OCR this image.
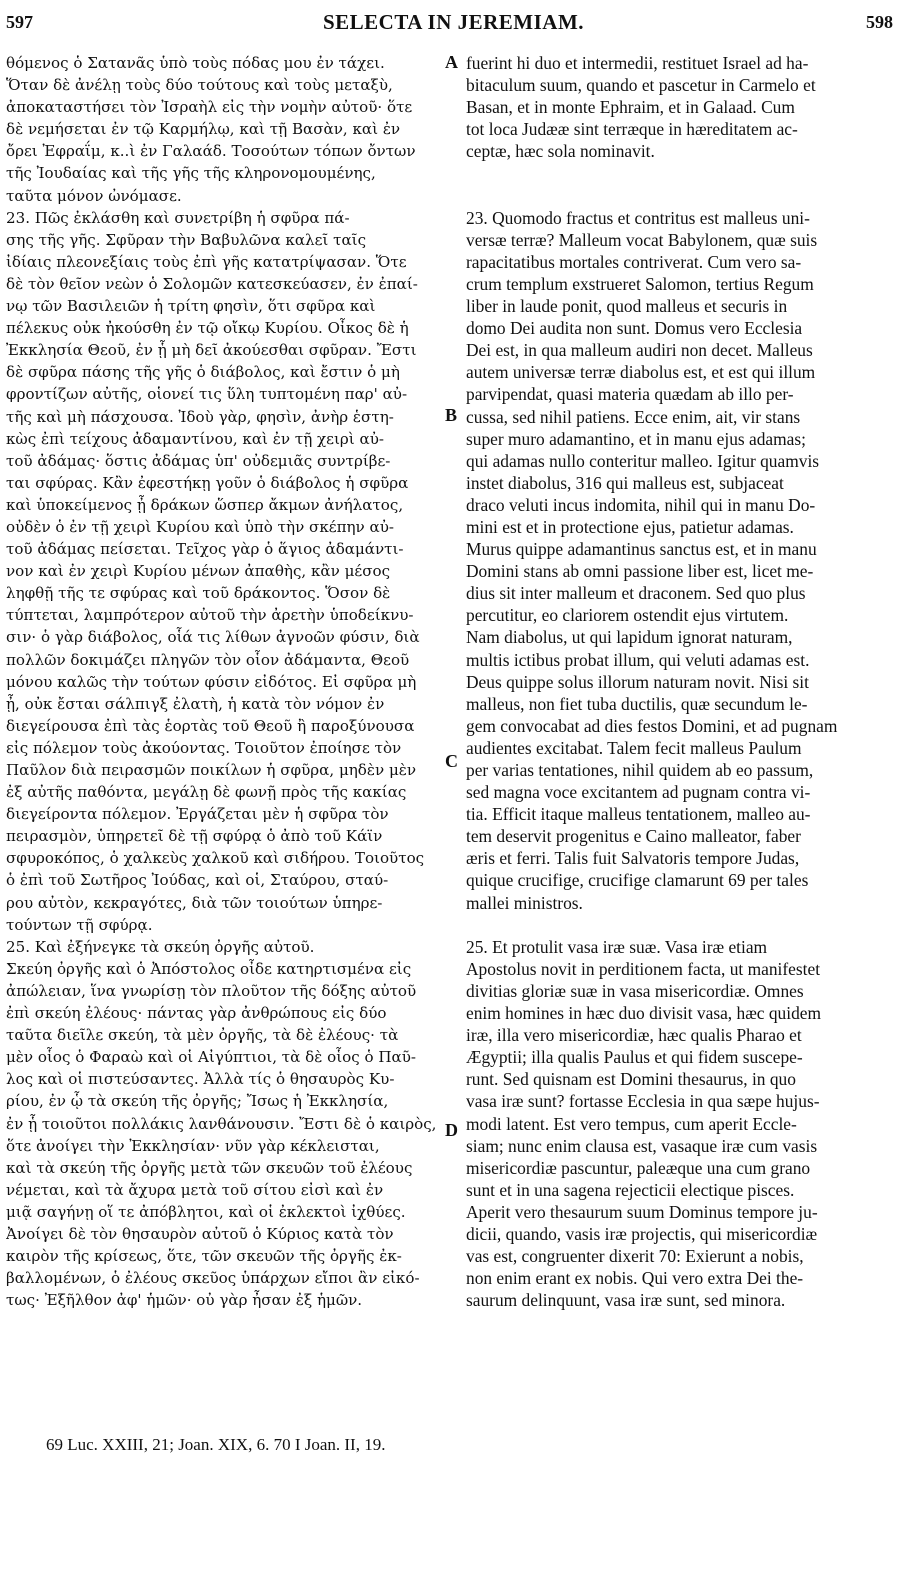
597	SELECTA IN JEREMIAM.	598
θόμενος ὁ Σατανᾶς ὑπὸ τοὺς πόδας μου ἐν τάχει.
Ὅταν δὲ ἀνέλῃ τοὺς δύο τούτους καὶ τοὺς μεταξὺ,
ἀποκαταστήσει τὸν Ἰσραὴλ εἰς τὴν νομὴν αὐτοῦ· ὅτε
δὲ νεμήσεται ἐν τῷ Καρμήλῳ, καὶ τῇ Βασὰν, καὶ ἐν
ὄρει Ἐφραΐμ, κ..ὶ ἐν Γαλαάδ. Τοσούτων τόπων ὄντων
τῆς Ἰουδαίας καὶ τῆς γῆς τῆς κληρονομουμένης,
ταῦτα μόνον ὠνόμασε.
23. Πῶς ἐκλάσθη καὶ συνετρίβη ἡ σφῦρα πά-
σης τῆς γῆς. Σφῦραν τὴν Βαβυλῶνα καλεῖ ταῖς
ἰδίαις πλεονεξίαις τοὺς ἐπὶ γῆς κατατρίψασαν. Ὅτε
δὲ τὸν θεῖον νεὼν ὁ Σολομῶν κατεσκεύασεν, ἐν ἐπαί-
νῳ τῶν Βασιλειῶν ἡ τρίτη φησὶν, ὅτι σφῦρα καὶ
πέλεκυς οὐκ ἠκούσθη ἐν τῷ οἴκῳ Κυρίου. Οἶκος δὲ ἡ
Ἐκκλησία Θεοῦ, ἐν ᾗ μὴ δεῖ ἀκούεσθαι σφῦραν. Ἔστι
δὲ σφῦρα πάσης τῆς γῆς ὁ διάβολος, καὶ ἔστιν ὁ μὴ
φροντίζων αὐτῆς, οἱονεί τις ὕλη τυπτομένη παρ' αὐ-
τῆς καὶ μὴ πάσχουσα. Ἰδοὺ γὰρ, φησὶν, ἀνὴρ ἑστη-
κὼς ἐπὶ τείχους ἀδαμαντίνου, καὶ ἐν τῇ χειρὶ αὐ-
τοῦ ἀδάμας· ὅστις ἀδάμας ὑπ' οὐδεμιᾶς συντρίβε-
ται σφύρας. Κἂν ἐφεστήκῃ γοῦν ὁ διάβολος ἡ σφῦρα
καὶ ὑποκείμενος ᾖ δράκων ὥσπερ ἄκμων ἀνήλατος,
οὐδὲν ὁ ἐν τῇ χειρὶ Κυρίου καὶ ὑπὸ τὴν σκέπην αὐ-
τοῦ ἀδάμας πείσεται. Τεῖχος γὰρ ὁ ἅγιος ἀδαμάντι-
νον καὶ ἐν χειρὶ Κυρίου μένων ἀπαθὴς, κἂν μέσος
ληφθῇ τῆς τε σφύρας καὶ τοῦ δράκοντος. Ὅσον δὲ
τύπτεται, λαμπρότερον αὐτοῦ τὴν ἀρετὴν ὑποδείκνυ-
σιν· ὁ γὰρ διάβολος, οἷά τις λίθων ἀγνοῶν φύσιν, διὰ
πολλῶν δοκιμάζει πληγῶν τὸν οἷον ἀδάμαντα, Θεοῦ
μόνου καλῶς τὴν τούτων φύσιν εἰδότος. Εἰ σφῦρα μὴ
ᾖ, οὐκ ἔσται σάλπιγξ ἐλατὴ, ἡ κατὰ τὸν νόμον ἐν
διεγείρουσα ἐπὶ τὰς ἑορτὰς τοῦ Θεοῦ ἢ παροξύνουσα
εἰς πόλεμον τοὺς ἀκούοντας. Τοιοῦτον ἐποίησε τὸν
Παῦλον διὰ πειρασμῶν ποικίλων ἡ σφῦρα, μηδὲν μὲν
ἐξ αὐτῆς παθόντα, μεγάλῃ δὲ φωνῇ πρὸς τῆς κακίας
διεγείροντα πόλεμον. Ἐργάζεται μὲν ἡ σφῦρα τὸν
πειρασμὸν, ὑπηρετεῖ δὲ τῇ σφύρᾳ ὁ ἀπὸ τοῦ Κάϊν
σφυροκόπος, ὁ χαλκεὺς χαλκοῦ καὶ σιδήρου. Τοιοῦτος
ὁ ἐπὶ τοῦ Σωτῆρος Ἰούδας, καὶ οἱ, Σταύρου, σταύ-
ρου αὐτὸν, κεκραγότες, διὰ τῶν τοιούτων ὑπηρε-
τούντων τῇ σφύρᾳ.
25. Καὶ ἐξήνεγκε τὰ σκεύη ὀργῆς αὐτοῦ.
Σκεύη ὀργῆς καὶ ὁ Ἀπόστολος οἶδε κατηρτισμένα εἰς
ἀπώλειαν, ἵνα γνωρίσῃ τὸν πλοῦτον τῆς δόξης αὐτοῦ
ἐπὶ σκεύη ἐλέους· πάντας γὰρ ἀνθρώπους εἰς δύο
ταῦτα διεῖλε σκεύη, τὰ μὲν ὀργῆς, τὰ δὲ ἐλέους· τὰ
μὲν οἷος ὁ Φαραὼ καὶ οἱ Αἰγύπτιοι, τὰ δὲ οἷος ὁ Παῦ-
λος καὶ οἱ πιστεύσαντες. Ἀλλὰ τίς ὁ θησαυρὸς Κυ-
ρίου, ἐν ᾧ τὰ σκεύη τῆς ὀργῆς; Ἴσως ἡ Ἐκκλησία,
ἐν ᾗ τοιοῦτοι πολλάκις λανθάνουσιν. Ἔστι δὲ ὁ καιρὸς,
ὅτε ἀνοίγει τὴν Ἐκκλησίαν· νῦν γὰρ κέκλεισται,
καὶ τὰ σκεύη τῆς ὀργῆς μετὰ τῶν σκευῶν τοῦ ἐλέους
νέμεται, καὶ τὰ ἄχυρα μετὰ τοῦ σίτου εἰσὶ καὶ ἐν
μιᾷ σαγήνῃ οἵ τε ἀπόβλητοι, καὶ οἱ ἐκλεκτοὶ ἰχθύες.
Ἀνοίγει δὲ τὸν θησαυρὸν αὐτοῦ ὁ Κύριος κατὰ τὸν
καιρὸν τῆς κρίσεως, ὅτε, τῶν σκευῶν τῆς ὀργῆς ἐκ-
βαλλομένων, ὁ ἐλέους σκεῦος ὑπάρχων εἴποι ἂν εἰκό-
τως· Ἐξῆλθον ἀφ' ἡμῶν· οὐ γὰρ ἦσαν ἐξ ἡμῶν.
fuerint hi duo et intermedii, restituet Israel ad ha-
bitaculum suum, quando et pascetur in Carmelo et
Basan, et in monte Ephraim, et in Galaad. Cum
tot loca Judææ sint terræque in hæreditatem ac-
ceptæ, hæc sola nominavit.
23. Quomodo fractus et contritus est malleus uni-
versæ terræ? Malleum vocat Babylonem, quæ suis
rapacitatibus mortales contriverat. Cum vero sa-
crum templum exstrueret Salomon, tertius Regum
liber in laude ponit, quod malleus et securis in
domo Dei audita non sunt. Domus vero Ecclesia
Dei est, in qua malleum audiri non decet. Malleus
autem universæ terræ diabolus est, et est qui illum
parvipendat, quasi materia quædam ab illo per-
cussa, sed nihil patiens. Ecce enim, ait, vir stans
super muro adamantino, et in manu ejus adamas;
qui adamas nullo conteritur malleo. Igitur quamvis
instet diabolus, 316 qui malleus est, subjaceat
draco veluti incus indomita, nihil qui in manu Do-
mini est et in protectione ejus, patietur adamas.
Murus quippe adamantinus sanctus est, et in manu
Domini stans ab omni passione liber est, licet me-
dius sit inter malleum et draconem. Sed quo plus
percutitur, eo clariorem ostendit ejus virtutem.
Nam diabolus, ut qui lapidum ignorat naturam,
multis ictibus probat illum, qui veluti adamas est.
Deus quippe solus illorum naturam novit. Nisi sit
malleus, non fiet tuba ductilis, quæ secundum le-
gem convocabat ad dies festos Domini, et ad pugnam
audientes excitabat. Talem fecit malleus Paulum
per varias tentationes, nihil quidem ab eo passum,
sed magna voce excitantem ad pugnam contra vi-
tia. Efficit itaque malleus tentationem, malleo au-
tem deservit progenitus e Caino malleator, faber
æris et ferri. Talis fuit Salvatoris tempore Judas,
quique crucifige, crucifige clamarunt 69 per tales
mallei ministros.
25. Et protulit vasa iræ suæ. Vasa iræ etiam
Apostolus novit in perditionem facta, ut manifestet
divitias gloriæ suæ in vasa misericordiæ. Omnes
enim homines in hæc duo divisit vasa, hæc quidem
iræ, illa vero misericordiæ, hæc qualis Pharao et
Ægyptii; illa qualis Paulus et qui fidem suscepe-
runt. Sed quisnam est Domini thesaurus, in quo
vasa iræ sunt? fortasse Ecclesia in qua sæpe hujus-
modi latent. Est vero tempus, cum aperit Eccle-
siam; nunc enim clausa est, vasaque iræ cum vasis
misericordiæ pascuntur, paleæque una cum grano
sunt et in una sagena rejecticii electique pisces.
Aperit vero thesaurum suum Dominus tempore ju-
dicii, quando, vasis iræ projectis, qui misericordiæ
vas est, congruenter dixerit 70: Exierunt a nobis,
non enim erant ex nobis. Qui vero extra Dei the-
saurum delinquunt, vasa iræ sunt, sed minora.
A
B
C
D
69 Luc. XXIII, 21; Joan. XIX, 6. 70 I Joan. II, 19.
